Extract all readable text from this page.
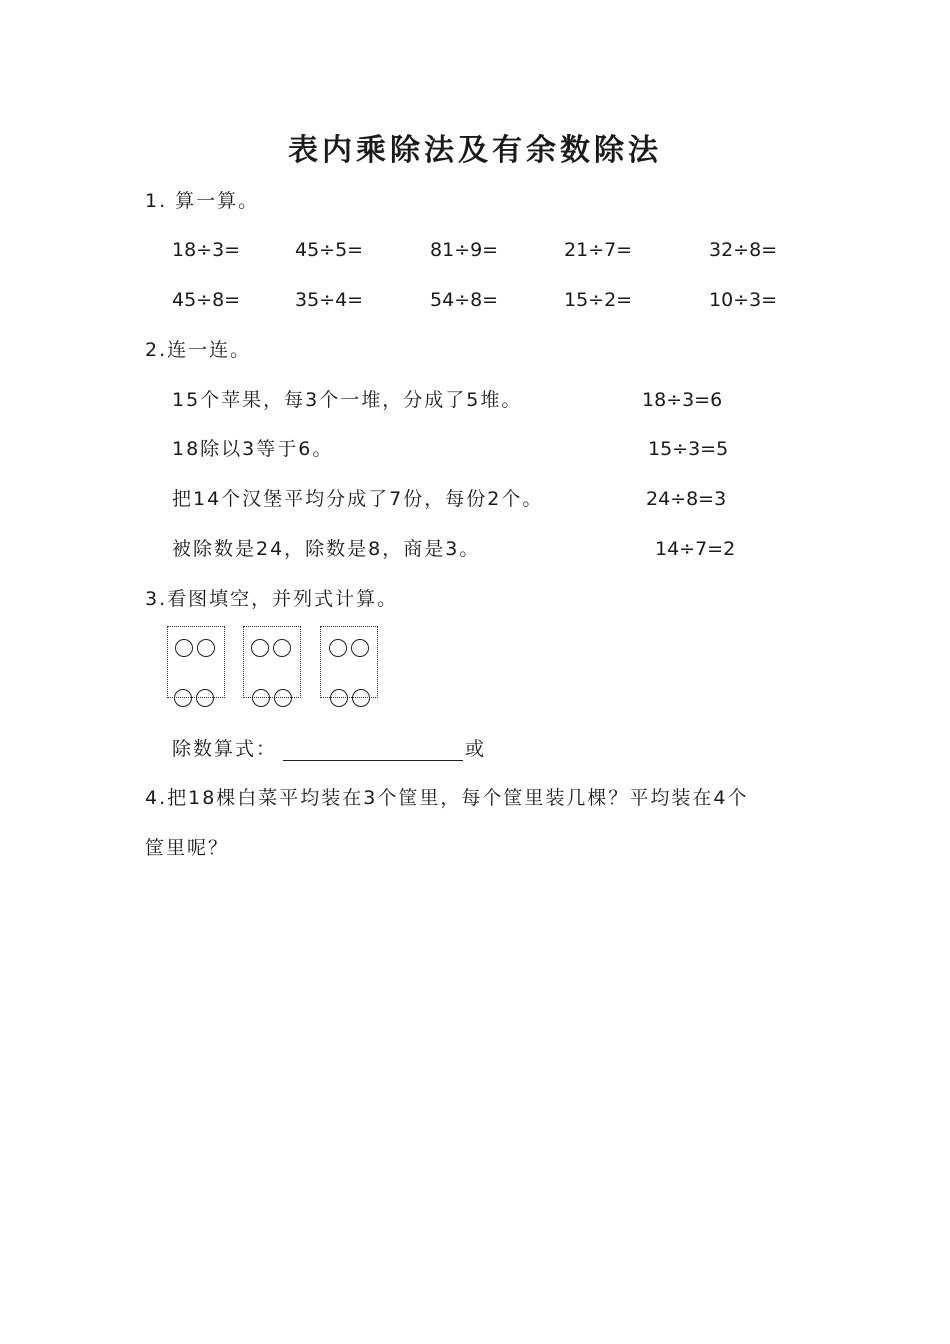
表内乘除法及有余数除法
1. 算一算。
18÷3=	45÷5=	81÷9=	21÷7=	32÷8=
45÷8=	35÷4=	54÷8=	15÷2=	10÷3=
2.连一连。
15个苹果，每3个一堆，分成了5堆。
18除以3等于6。
把14个汉堡平均分成了7份，每份2个。
被除数是24，除数是8，商是3。
18÷3=6
15÷3=5
24÷8=3
14÷7=2
3.看图填空，并列式计算。
除数算式：	或
4.把18棵白菜平均装在3个筐里，每个筐里装几棵？平均装在4个
筐里呢？
